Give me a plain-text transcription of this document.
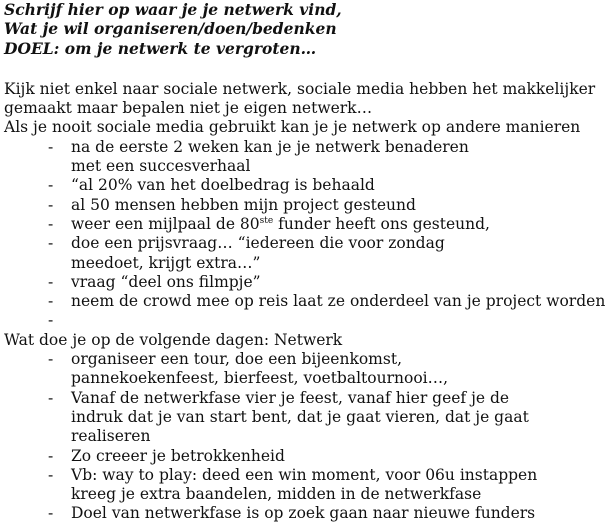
Schrijf hier op waar je je netwerk vind,
Wat je wil organiseren/doen/bedenken
DOEL: om je netwerk te vergroten…
Kijk niet enkel naar sociale netwerk, sociale media hebben het makkelijker
gemaakt maar bepalen niet je eigen netwerk…
Als je nooit sociale media gebruikt kan je je netwerk op andere manieren
- na de eerste 2 weken kan je je netwerk benaderen met een succesverhaal
- “al 20% van het doelbedrag is behaald
- al 50 mensen hebben mijn project gesteund
- weer een mijlpaal de 80ste funder heeft ons gesteund,
- doe een prijsvraag… “iedereen die voor zondag meedoet, krijgt extra…”
- vraag “deel ons filmpje”
- neem de crowd mee op reis laat ze onderdeel van je project worden
-

Wat doe je op de volgende dagen: Netwerk
- organiseer een tour, doe een bijeenkomst, pannekoekenfeest, bierfeest, voetbaltournooi…,
- Vanaf de netwerkfase vier je feest, vanaf hier geef je de indruk dat je van start bent, dat je gaat vieren, dat je gaat realiseren
- Zo creeer je betrokkenheid
- Vb: way to play: deed een win moment, voor 06u instappen kreeg je extra baandelen, midden in de netwerkfase
- Doel van netwerkfase is op zoek gaan naar nieuwe funders
